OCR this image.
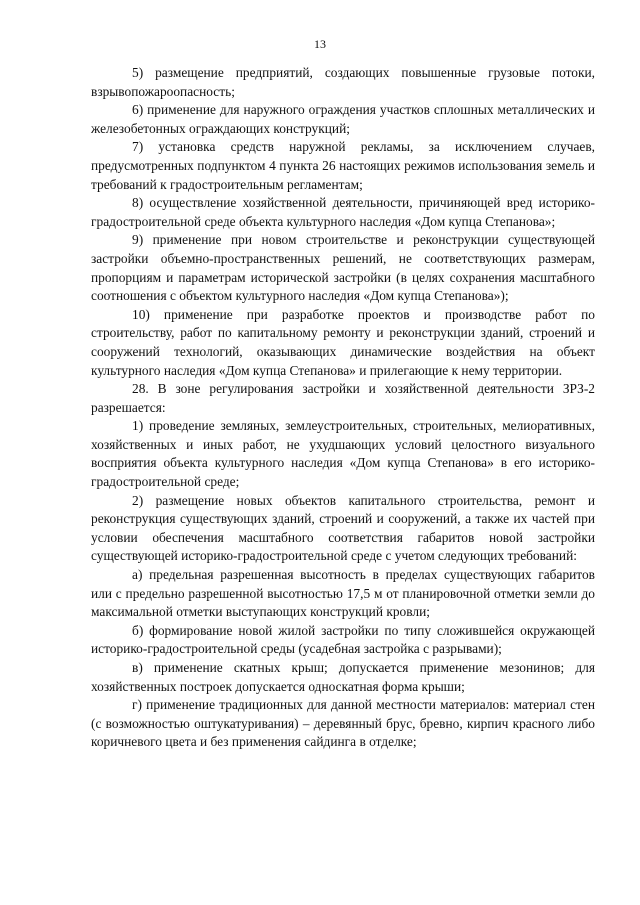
13

5) размещение предприятий, создающих повышенные грузовые потоки, взрывопожароопасность;

6) применение для наружного ограждения участков сплошных металлических и железобетонных ограждающих конструкций;

7) установка средств наружной рекламы, за исключением случаев, предусмотренных подпунктом 4 пункта 26 настоящих режимов использования земель и требований к градостроительным регламентам;

8) осуществление хозяйственной деятельности, причиняющей вред историко-градостроительной среде объекта культурного наследия «Дом купца Степанова»;

9) применение при новом строительстве и реконструкции существующей застройки объемно-пространственных решений, не соответствующих размерам, пропорциям и параметрам исторической застройки (в целях сохранения масштабного соотношения с объектом культурного наследия «Дом купца Степанова»);

10) применение при разработке проектов и производстве работ по строительству, работ по капитальному ремонту и реконструкции зданий, строений и сооружений технологий, оказывающих динамические воздействия на объект культурного наследия «Дом купца Степанова» и прилегающие к нему территории.

28. В зоне регулирования застройки и хозяйственной деятельности ЗРЗ-2 разрешается:

1) проведение земляных, землеустроительных, строительных, мелиоративных, хозяйственных и иных работ, не ухудшающих условий целостного визуального восприятия объекта культурного наследия «Дом купца Степанова» в его историко-градостроительной среде;

2) размещение новых объектов капитального строительства, ремонт и реконструкция существующих зданий, строений и сооружений, а также их частей при условии обеспечения масштабного соответствия габаритов новой застройки существующей историко-градостроительной среде с учетом следующих требований:

а) предельная разрешенная высотность в пределах существующих габаритов или с предельно разрешенной высотностью 17,5 м от планировочной отметки земли до максимальной отметки выступающих конструкций кровли;

б) формирование новой жилой застройки по типу сложившейся окружающей историко-градостроительной среды (усадебная застройка с разрывами);

в) применение скатных крыш; допускается применение мезонинов; для хозяйственных построек допускается односкатная форма крыши;

г) применение традиционных для данной местности материалов: материал стен (с возможностью оштукатуривания) – деревянный брус, бревно, кирпич красного либо коричневого цвета и без применения сайдинга в отделке;
